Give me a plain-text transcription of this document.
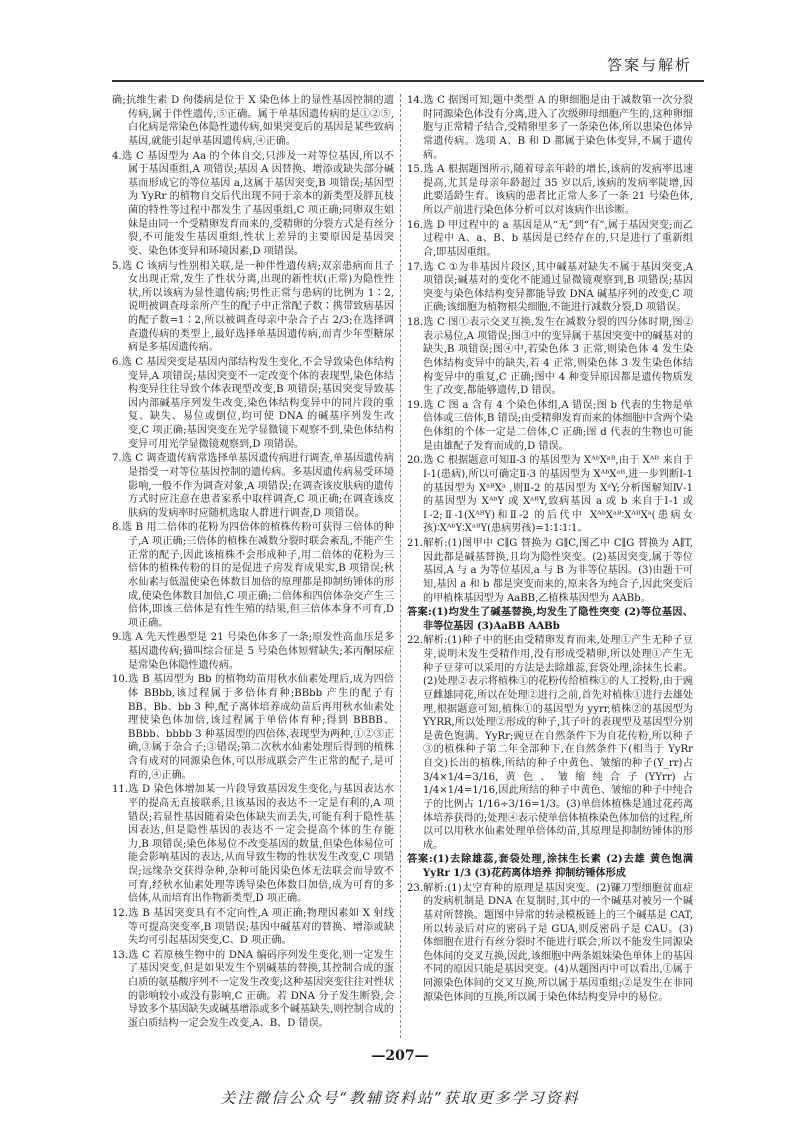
答案与解析

确;抗维生素 D 佝偻病是位于 X 染色体上的显性基因控制的遗传病,属于伴性遗传,⑤正确。属于单基因遗传病的是①②⑤,白化病是常染色体隐性遗传病,如果突变后的基因是某些致病基因,就能引起单基因遗传病,④正确。

4.选 C 基因型为 Aa 的个体自交,只涉及一对等位基因,所以不属于基因重组,A 项错误;基因 A 因替换、增添或缺失部分碱基而形成它的等位基因 a,这属于基因突变,B 项错误;基因型为 YyRr 的植物自交后代出现不同于亲本的新类型及胖瓦枝菌的特性等过程中都发生了基因重组,C 项正确;同卵双生姐妹是由同一个受精卵发育而来的,受精卵的分裂方式是有丝分裂,不可能发生基因重组,性状上差异的主要原因是基因突变、染色体变异和环境因素,D 项错误。

5.选 C 该病与性别相关联,是一种伴性遗传病;双亲患病而且子女出现正常,发生了性状分离,出现的新性状(正常)为隐性性状,所以该病为显性遗传病;男性正常与患病的比例为 1∶2,说明被调查母亲所产生的配子中正常配子数∶携带致病基因的配子数=1∶2,所以被调查母亲中杂合子占 2/3;在选择调查遗传病的类型上,最好选择单基因遗传病,而青少年型糖尿病是多基因遗传病。

6.选 C 基因突变是基因内部结构发生变化,不会导致染色体结构变异,A 项错误;基因突变不一定改变个体的表现型,染色体结构变异往往导致个体表现型改变,B 项错误;基因突变导致基因内部碱基序列发生改变,染色体结构变异中的同片段的重复、缺失、易位或倒位,均可使 DNA 的碱基序列发生改变,C 项正确;基因突变在光学显微镜下观察不到,染色体结构变异可用光学显微镜观察到,D 项错误。

7.选 C 调查遗传病常选择单基因遗传病进行调查,单基因遗传病是指受一对等位基因控制的遗传病。多基因遗传病易受环境影响,一般不作为调查对象,A 项错误;在调查该皮肤病的遗传方式时应注意在患者家系中取样调查,C 项正确;在调查该皮肤病的发病率时应随机选取人群进行调查,D 项错误。

8.选 B 用二倍体的花粉为四倍体的植株传粉可获得三倍体的种子,A 项正确;三倍体的植株在减数分裂时联会紊乱,不能产生正常的配子,因此该植株不会形成种子,用二倍体的花粉为三倍体的植株传粉的目的是促进子房发育成果实,B 项错误;秋水仙素与低温使染色体数目加倍的原理都是抑制纺锤体的形成,使染色体数目加倍,C 项正确;二倍体和四倍体杂交产生三倍体,即该三倍体是有性生殖的结果,但三倍体本身不可育,D 项正确。

9.选 A 先天性愚型是 21 号染色体多了一条;原发性高血压是多基因遗传病;猫叫综合征是 5 号染色体短臂缺失;苯丙酮尿症是常染色体隐性遗传病。

10.选 B 基因型为 Bb 的植物幼苗用秋水仙素处理后,成为四倍体 BBbb,该过程属于多倍体育种;BBbb 产生的配子有 BB、Bb、bb 3 种,配子离体培养成幼苗后再用秋水仙素处理使染色体加倍,该过程属于单倍体育种;得到 BBBB、BBbb、bbbb 3 种基因型的四倍体,表现型为两种,①②③正确,③属于杂合子;③错误;第二次秋水仙素处理后得到的植株含有成对的同源染色体,可以形成联会产生正常的配子,是可育的,④正确。

11.选 D 染色体增加某一片段导致基因发生变化,与基因表达水平的提高无直接联系,且该基因的表达不一定是有利的,A 项错误;若显性基因随着染色体缺失而丢失,可能有利于隐性基因表达,但是隐性基因的表达不一定会提高个体的生存能力,B 项错误;染色体易位不改变基因的数量,但染色体易位可能会影响基因的表达,从而导致生物的性状发生改变,C 项错误;远缘杂交获得杂种,杂种可能因染色体无法联会而导致不可育,经秋水仙素处理等诱导染色体数目加倍,成为可育的多倍体,从而培育出作物新类型,D 项正确。

12.选 B 基因突变具有不定向性,A 项正确;物理因素如 X 射线等可提高突变率,B 项错误;基因中碱基对的替换、增添或缺失均可引起基因突变,C、D 项正确。

13.选 C 若原核生物中的 DNA 编码序列发生变化,则一定发生了基因突变,但是如果发生个别碱基的替换,其控制合成的蛋白质的氨基酸序列不一定发生改变;这种基因突变往往对性状的影响较小或没有影响,C 正确。若 DNA 分子发生断裂,会导致多个基因缺失或碱基增添或多个碱基缺失,则控制合成的蛋白质结构一定会发生改变,A、B、D 错误。

14.选 C 据图可知,题中类型 A 的卵细胞是由于减数第一次分裂时同源染色体没有分离,进入了次级卵母细胞产生的,这种卵细胞与正常精子结合,受精卵里多了一条染色体,所以患染色体异常遗传病。选项 A、B 和 D 都属于染色体变异,不属于遗传病。

15.选 A 根据题图所示,随着母亲年龄的增长,该病的发病率迅速提高,尤其是母亲年龄超过 35 岁以后,该病的发病率陡增,因此要适龄生育。该病的患者比正常人多了一条 21 号染色体,所以产前进行染色体分析可以对该病作出诊断。

16.选 D 甲过程中的 a 基因是从“无”到“有”,属于基因突变;而乙过程中 A、a、B、b 基因是已经存在的,只是进行了重新组合,即基因重组。

17.选 C ①为非基因片段区,其中碱基对缺失不属于基因突变,A 项错误;碱基对的变化不能通过显微镜观察到,B 项错误;基因突变与染色体结构变异都能导致 DNA 碱基序列的改变,C 项正确;该细胞为植物根尖细胞,不能进行减数分裂,D 项错误。

18.选 C 图①表示交叉互换,发生在减数分裂的四分体时期,图②表示易位,A 项错误;图③中的变异属于基因突变中的碱基对的缺失,B 项错误;图④中,若染色体 3 正常,则染色体 4 发生染色体结构变异中的缺失,若 4 正常,则染色体 3 发生染色体结构变异中的重复,C 正确;图中 4 种变异原因都是遗传物质发生了改变,都能够遗传,D 错误。

19.选 C 图 a 含有 4 个染色体组,A 错误;图 b 代表的生物是单倍体或三倍体,B 错误;由受精卵发育而来的体细胞中含两个染色体组的个体一定是二倍体,C 正确;图 d 代表的生物也可能是由雄配子发育而成的,D 错误。

20.选 C 根据题意可知Ⅱ-3 的基因型为 XᴬᵇXᵃᴮ,由于 Xᴬᴮ 来自于Ⅰ-1(患病),所以可确定Ⅱ-3 的基因型为 XᴬᵇXᵃᴮ,进一步判断Ⅰ-1 的基因型为 XᵃᴮXᵃ ,则Ⅱ-2 的基因型为 XᵃY;分析图解知Ⅳ-1 的基因型为 XᴬᵇY 或 XᵃᴮY,致病基因 a 或 b 来自于Ⅰ-1 或Ⅰ-2;Ⅱ-1(XᴬᴮY)和Ⅱ-2 的后代中 XᴬᵇXᵃᴮ∶XᴬᴮXᵃ(患病女孩)∶XᴬᵇY∶XᵃᴮY(患病男孩)=1∶1∶1∶1。

21.解析:(1)图甲中 C∥G 替换为 G∥C,图乙中 C∥G 替换为 A∥T,因此都是碱基替换,且均为隐性突变。(2)基因突变,属于等位基因,A 与 a 为等位基因,a 与 B 为非等位基因。(3)由题干可知,基因 a 和 b 都是突变而来的,原来各为纯合子,因此突变后的甲植株基因型为 AaBB,乙植株基因型为 AABb。

答案:(1)均发生了碱基替换,均发生了隐性突变 (2)等位基因、非等位基因 (3)AaBB AABb

22.解析:(1)种子中的胚由受精卵发育而来,处理①产生无种子豆芽,说明未发生受精作用,没有形成受精卵,所以处理①产生无种子豆芽可以采用的方法是去除雄蕊,套袋处理,涂抹生长素。(2)处理②表示将植株①的花粉传给植株①的人工授粉,由于豌豆雌雄同花,所以在处理②进行之前,首先对植株①进行去雄处理,根据题意可知,植株①的基因型为 yyrr,植株②的基因型为 YYRR,所以处理②形成的种子,其子叶的表现型及基因型分别是黄色饱满、YyRr;豌豆在自然条件下为自花传粉,所以种子③的植株种子第二年全部种下,在自然条件下(相当于 YyRr 自交)长出的植株,所结的种子中黄色、皱缩的种子(Y_rr)占 3/4×1/4=3/16,黄色、皱缩纯合子(YYrr)占 1/4×1/4=1/16,因此所结的种子中黄色、皱缩的种子中纯合子的比例占 1/16÷3/16=1/3。(3)单倍体植株是通过花药离体培养获得的;处理④表示使单倍体植株染色体加倍的过程,所以可以用秋水仙素处理单倍体幼苗,其原理是抑制纺锤体的形成。

答案:(1)去除雄蕊,套袋处理,涂抹生长素 (2)去雄 黄色饱满 YyRr 1/3 (3)花药离体培养 抑制纺锤体形成

23.解析:(1)太空育种的原理是基因突变。(2)镰刀型细胞贫血症的发病机制是 DNA 在复制时,其中的一个碱基对被另一个碱基对所替换。题图中异常的转录模板链上的三个碱基是 CAT,所以转录后对应的密码子是 GUA,则反密码子是 CAU。(3)体细胞在进行有丝分裂时不能进行联会,所以不能发生同源染色体间的交叉互换,因此,该细胞中两条姐妹染色单体上的基因不同的原因只能是基因突变。(4)从题图丙中可以看出,①属于同源染色体间的交叉互换,所以属于基因重组;②是发生在非同源染色体间的互换,所以属于染色体结构变异中的易位。

—207—
关注微信公众号“教辅资料站”获取更多学习资料
